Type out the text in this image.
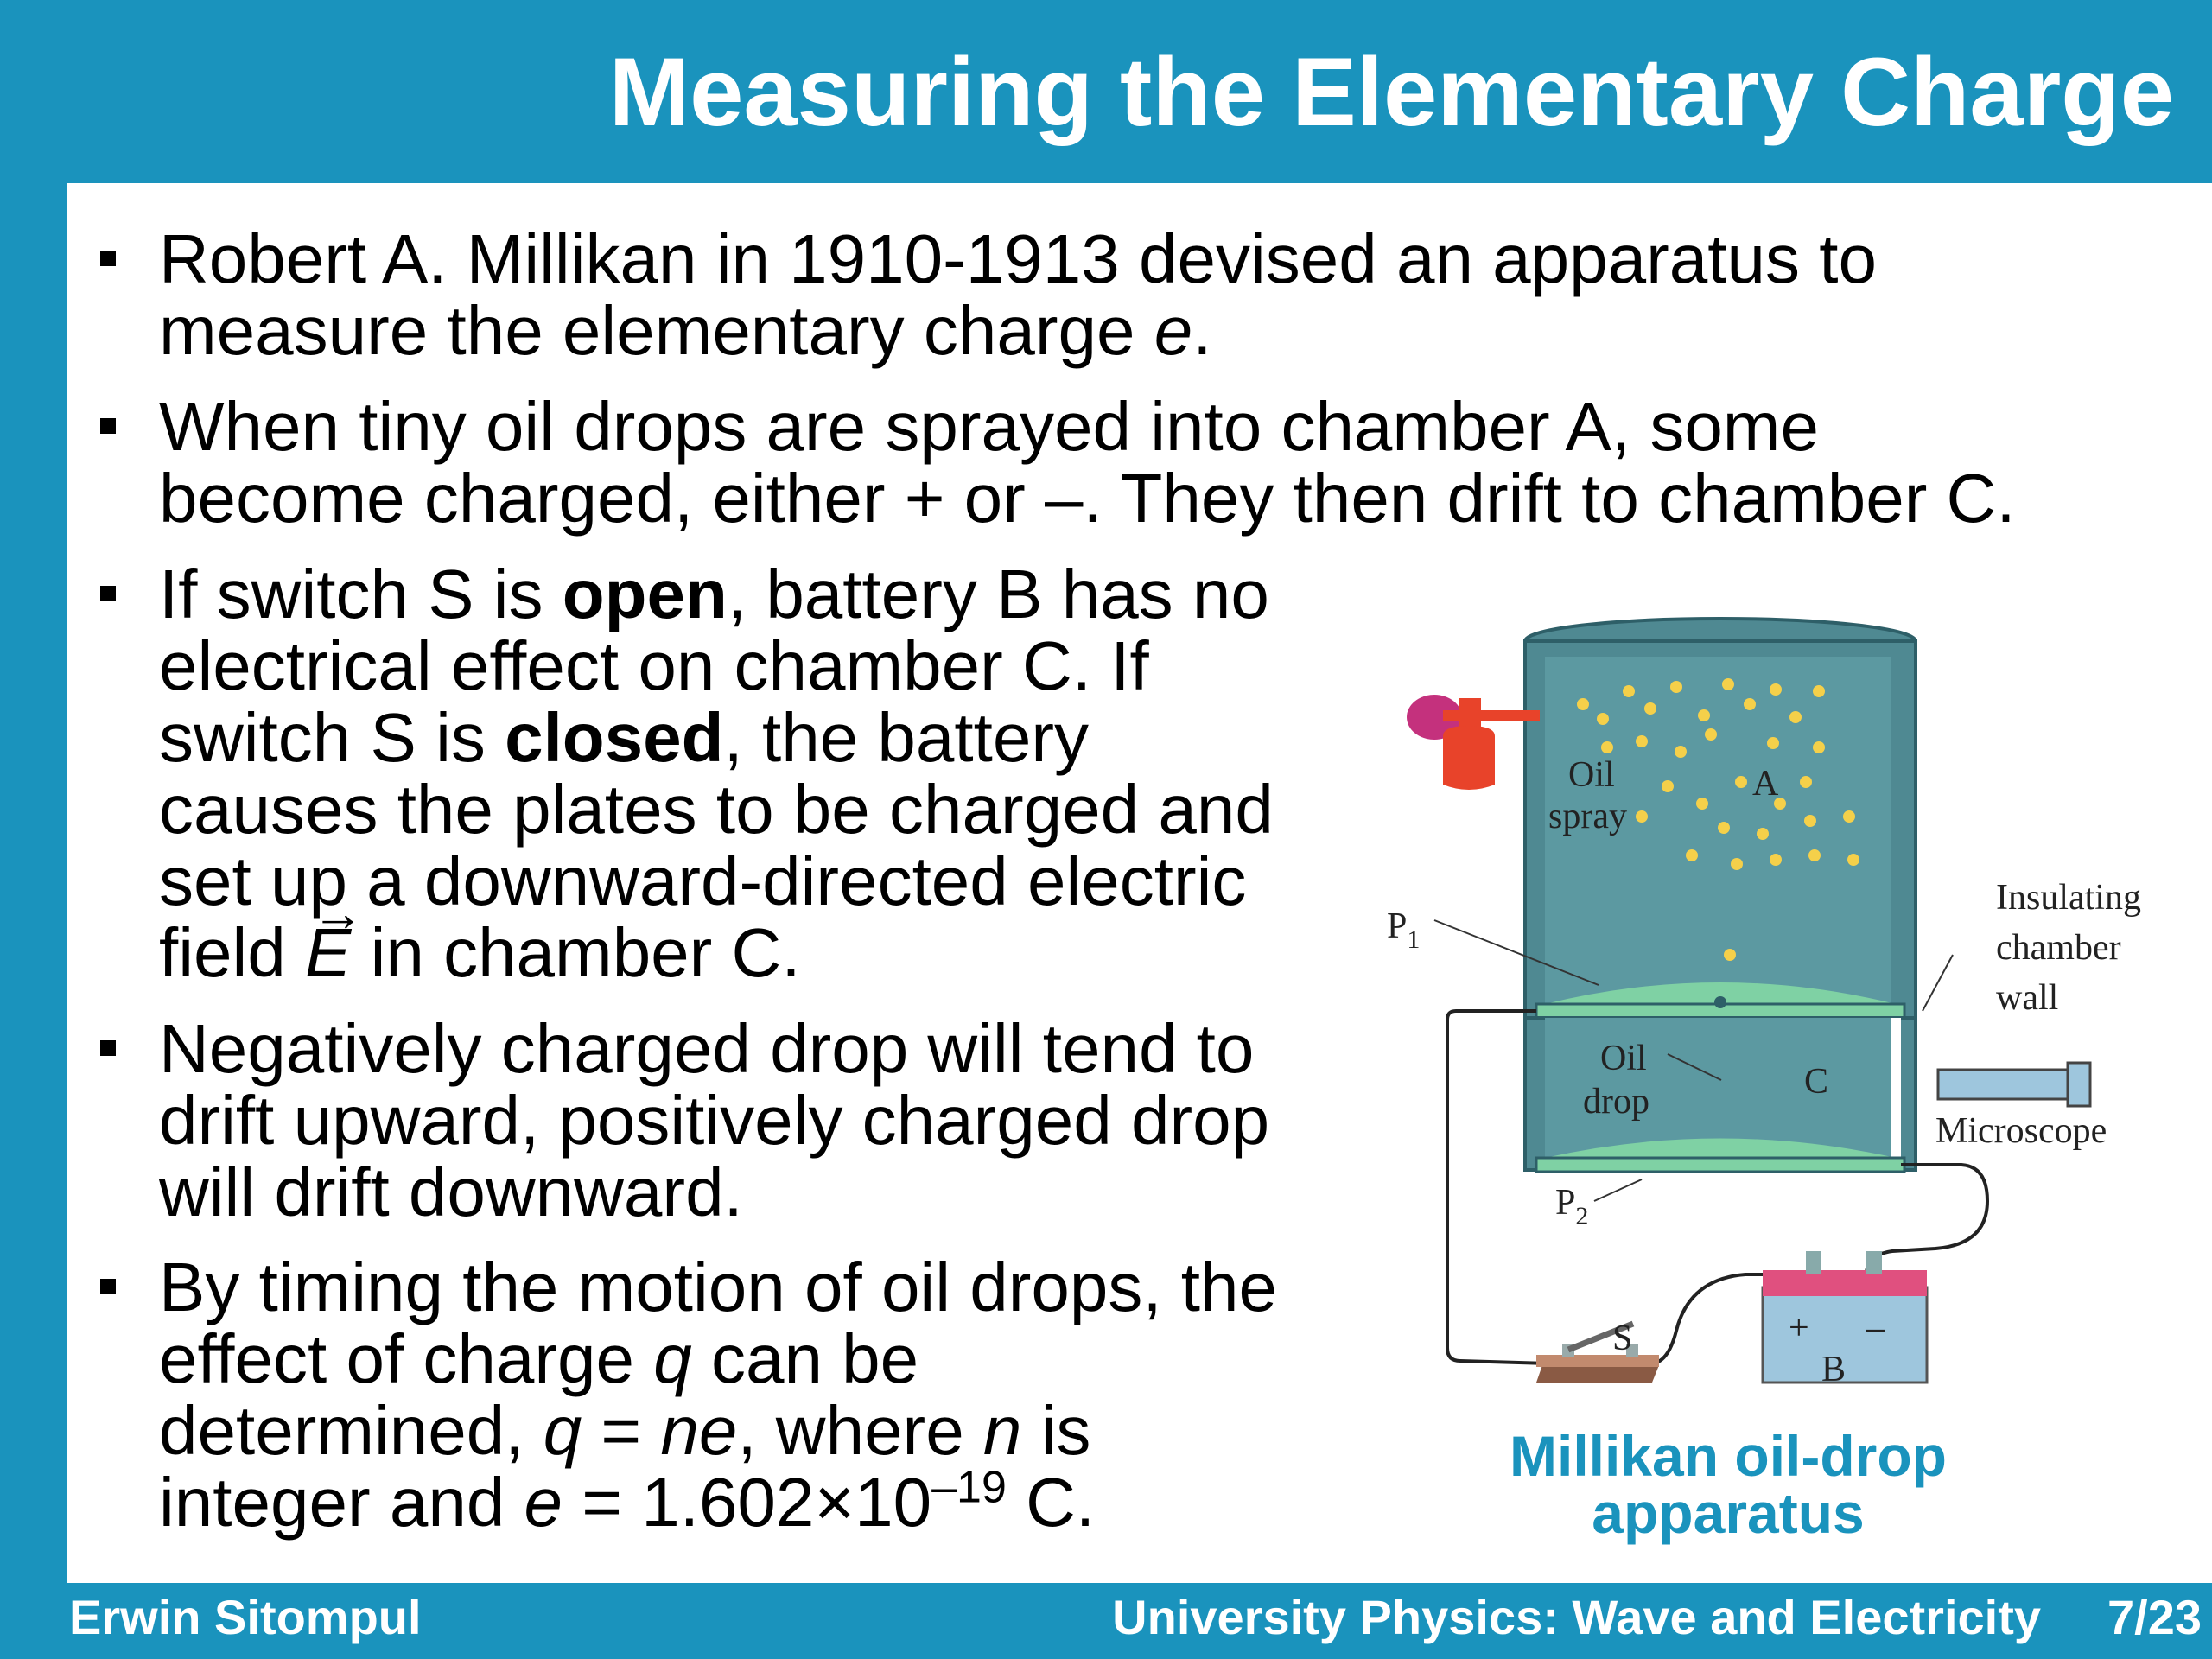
Measuring the Elementary Charge
Robert A. Millikan in 1910-1913 devised an apparatus to
measure the elementary charge e.
When tiny oil drops are sprayed into chamber A, some
become charged, either + or –. They then drift to chamber C.
If switch S is open, battery B has no
electrical effect on chamber C. If
switch S is closed, the battery
causes the plates to be charged and
set up a downward-directed electric
field → E in chamber C.
Negatively charged drop will tend to
drift upward, positively charged drop
will drift downward.
By timing the motion of oil drops, the
effect of charge q can be
determined, q = ne, where n is
integer and $e = 1.602\times 10^{-19}$ C.
Oil
spray
A
$P_1$
Insulating
chamber
wall
Oil
drop	C
Microscope
$P_2$
S
B
+ –
Millikan oil-drop
apparatus
Erwin Sitompul	University Physics: Wave and Electricity 7/23
